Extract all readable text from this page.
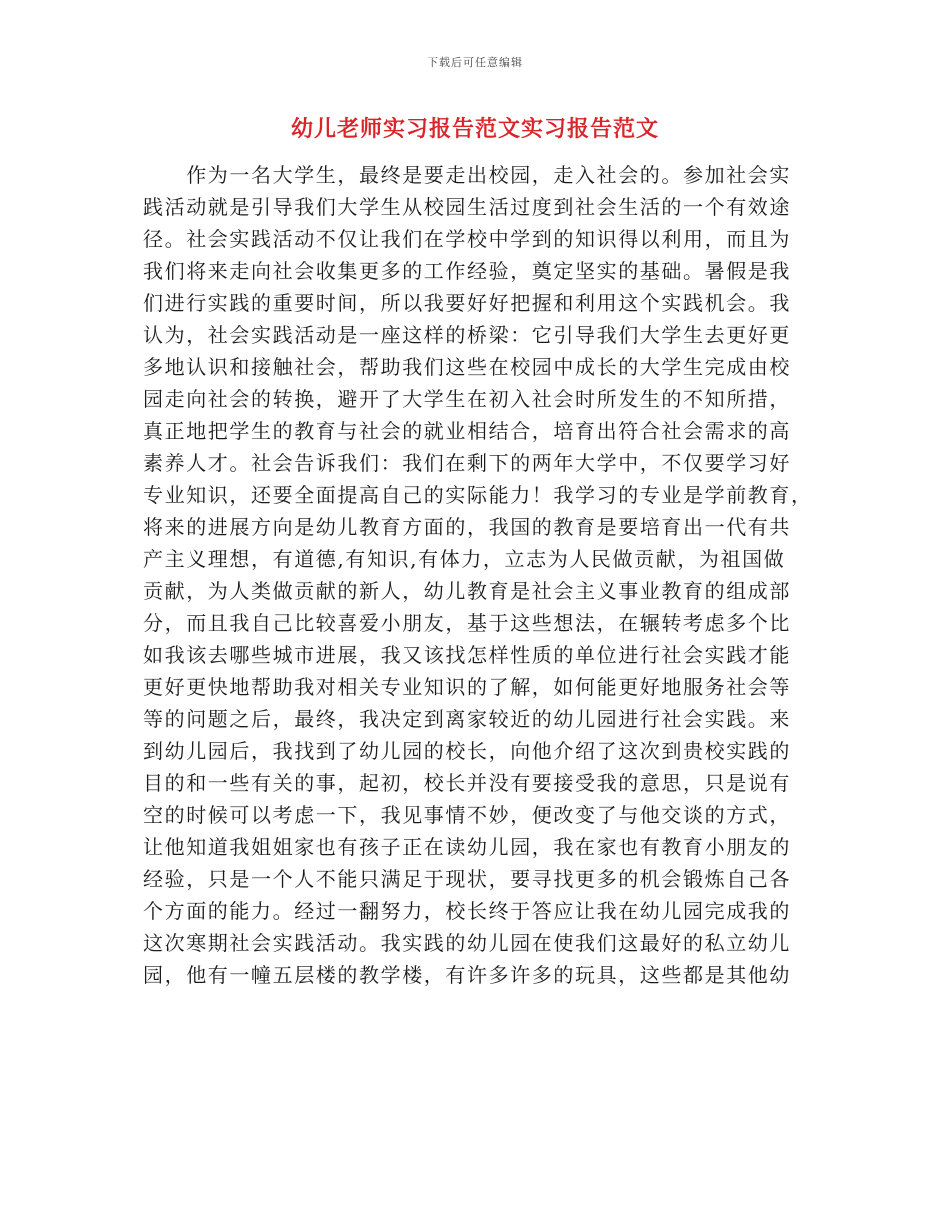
下载后可任意编辑
幼儿老师实习报告范文实习报告范文
　　作为一名大学生，最终是要走出校园，走入社会的。参加社会实
践活动就是引导我们大学生从校园生活过度到社会生活的一个有效途
径。社会实践活动不仅让我们在学校中学到的知识得以利用，而且为
我们将来走向社会收集更多的工作经验，奠定坚实的基础。暑假是我
们进行实践的重要时间，所以我要好好把握和利用这个实践机会。我
认为，社会实践活动是一座这样的桥梁：它引导我们大学生去更好更
多地认识和接触社会，帮助我们这些在校园中成长的大学生完成由校
园走向社会的转换，避开了大学生在初入社会时所发生的不知所措，
真正地把学生的教育与社会的就业相结合，培育出符合社会需求的高
素养人才。社会告诉我们：我们在剩下的两年大学中，不仅要学习好
专业知识，还要全面提高自己的实际能力！我学习的专业是学前教育，
将来的进展方向是幼儿教育方面的，我国的教育是要培育出一代有共
产主义理想，有道德,有知识,有体力，立志为人民做贡献，为祖国做
贡献，为人类做贡献的新人，幼儿教育是社会主义事业教育的组成部
分，而且我自己比较喜爱小朋友，基于这些想法，在辗转考虑多个比
如我该去哪些城市进展，我又该找怎样性质的单位进行社会实践才能
更好更快地帮助我对相关专业知识的了解，如何能更好地服务社会等
等的问题之后，最终，我决定到离家较近的幼儿园进行社会实践。来
到幼儿园后，我找到了幼儿园的校长，向他介绍了这次到贵校实践的
目的和一些有关的事，起初，校长并没有要接受我的意思，只是说有
空的时候可以考虑一下，我见事情不妙，便改变了与他交谈的方式，
让他知道我姐姐家也有孩子正在读幼儿园，我在家也有教育小朋友的
经验，只是一个人不能只满足于现状，要寻找更多的机会锻炼自己各
个方面的能力。经过一翻努力，校长终于答应让我在幼儿园完成我的
这次寒期社会实践活动。我实践的幼儿园在使我们这最好的私立幼儿
园，他有一幢五层楼的教学楼，有许多许多的玩具，这些都是其他幼
